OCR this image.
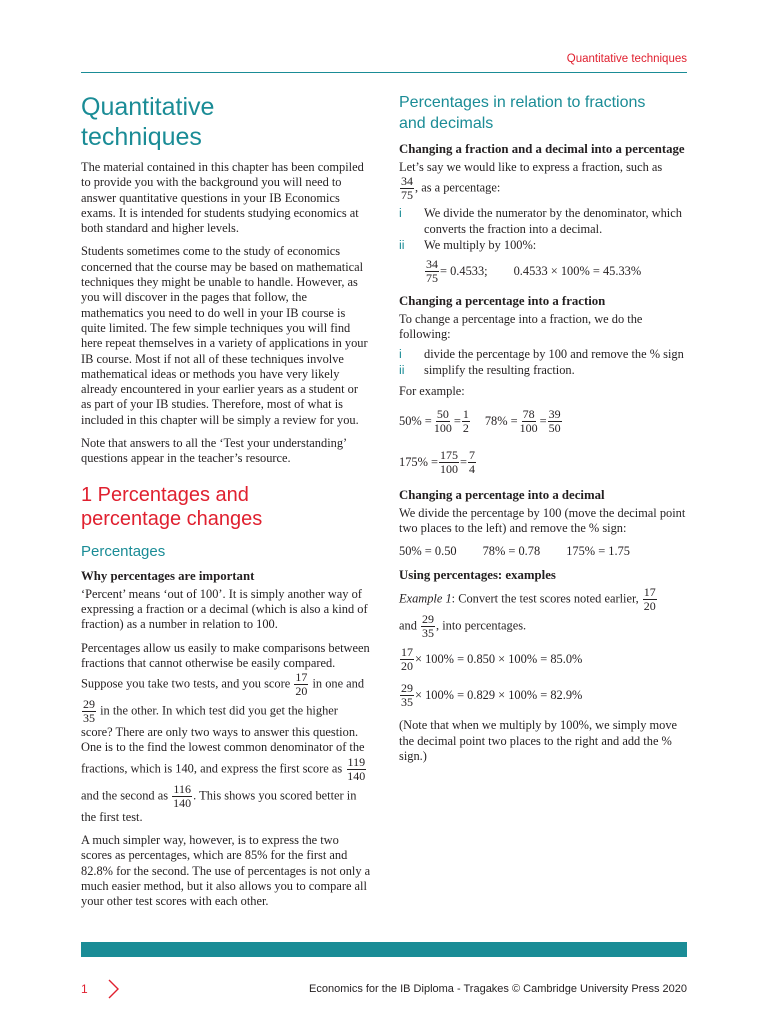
Quantitative techniques
Quantitative
techniques

The material contained in this chapter has been compiled to provide you with the background you will need to answer quantitative questions in your IB Economics exams. It is intended for students studying economics at both standard and higher levels.

Students sometimes come to the study of economics concerned that the course may be based on mathematical techniques they might be unable to handle. However, as you will discover in the pages that follow, the mathematics you need to do well in your IB course is quite limited. The few simple techniques you will find here repeat themselves in a variety of applications in your IB course. Most if not all of these techniques involve mathematical ideas or methods you have very likely already encountered in your earlier years as a student or as part of your IB studies. Therefore, most of what is included in this chapter will be simply a review for you.

Note that answers to all the ‘Test your understanding’ questions appear in the teacher’s resource.

1 Percentages and
percentage changes
Percentages
Why percentages are important

‘Percent’ means ‘out of 100’. It is simply another way of expressing a fraction or a decimal (which is also a kind of fraction) as a number in relation to 100.

Percentages allow us easily to make comparisons between fractions that cannot otherwise be easily compared. Suppose you take two tests, and you score $\frac{17}{20}$ in one and
$\frac{29}{35}$ in the other. In which test did you get the higher score? There are only two ways to answer this question. One is to the find the lowest common denominator of the fractions, which is 140, and express the first score as $\frac{119}{140}$
and the second as $\frac{116}{140}$ . This shows you scored better in the first test.

A much simpler way, however, is to express the two scores as percentages, which are 85% for the first and 82.8% for the second. The use of percentages is not only a much easier method, but it also allows you to compare all your other test scores with each other.

Percentages in relation to fractions
and decimals
Changing a fraction and a decimal into a percentage

Let’s say we would like to express a fraction, such as

$\frac{34}{75}$ , as a percentage:

i	We divide the numerator by the denominator, which converts the fraction into a decimal.
ii	We multiply by 100%:
$\frac{34}{75} = 0.4533$; 0.4533 × 100% = 45.33%
Changing a percentage into a fraction

To change a percentage into a fraction, we do the following:

i	divide the percentage by 100 and remove the % sign
ii	simplify the resulting fraction.

For example:

$50\% = \frac{50}{100} = \frac{1}{2} 78\% = \frac{78}{100} = \frac{39}{50}$
$175\% = \frac{175}{100} = \frac{7}{4}$
Changing a percentage into a decimal

We divide the percentage by 100 (move the decimal point two places to the left) and remove the % sign:

50% = 0.50 78% = 0.78 175% = 1.75
Using percentages: examples

Example 1: Convert the test scores noted earlier, $\frac{17}{20}$

and $\frac{29}{35}$ , into percentages.

$\frac{17}{20} \times 100\% = 0.850 \times 100\% = 85.0\%$
$\frac{29}{35} \times 100\% = 0.829 \times 100\% = 82.9\%$

(Note that when we multiply by 100%, we simply move the decimal point two places to the right and add the % sign.)

1	Economics for the IB Diploma - Tragakes © Cambridge University Press 2020
